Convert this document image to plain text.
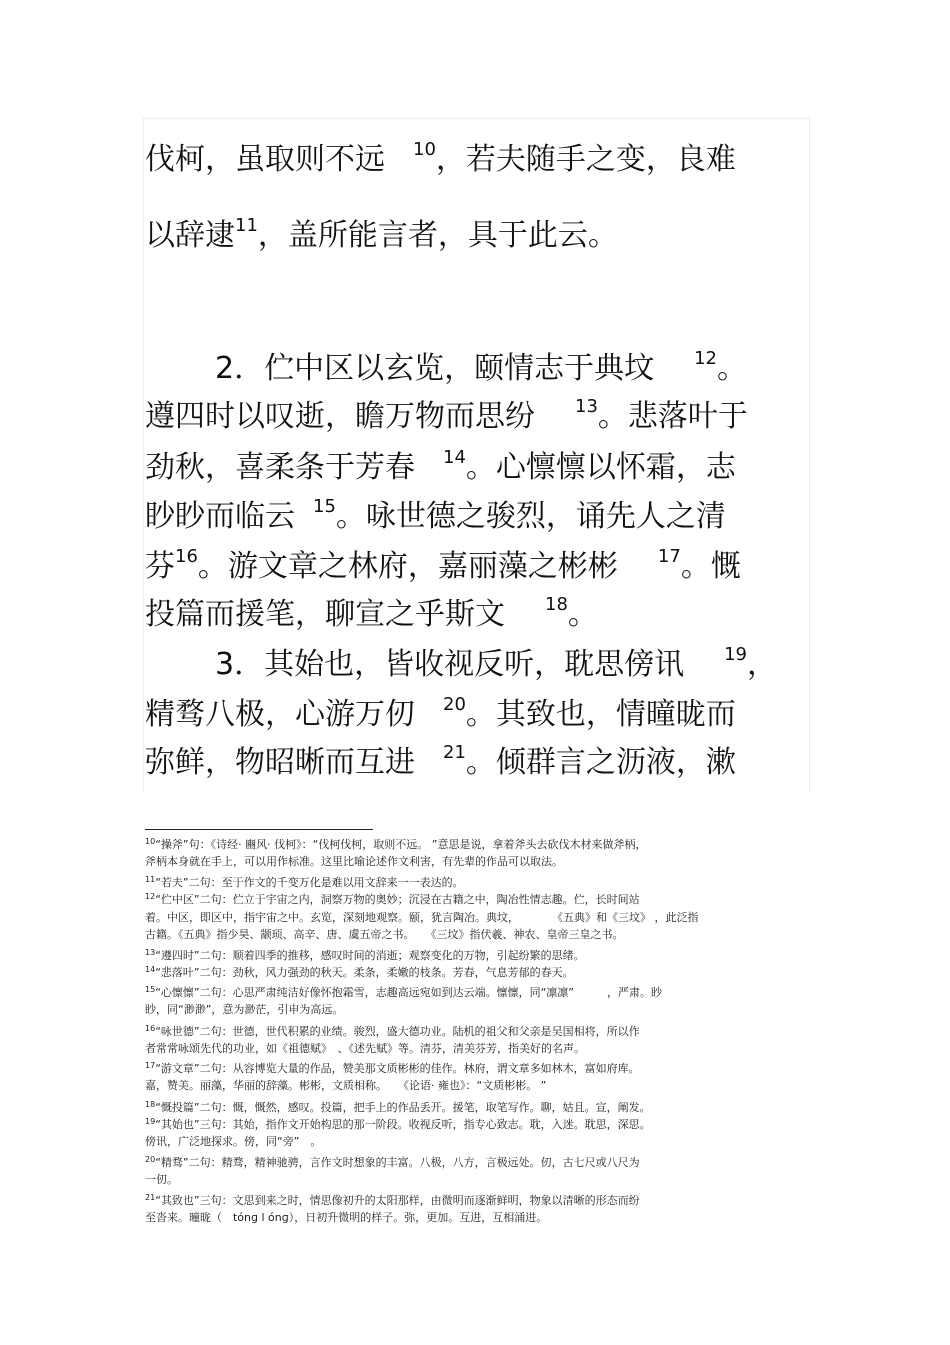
伐柯，虽取则不远 $^{10}$，若夫随手之变，良难
以辞逮$^{11}$，盖所能言者，具于此云。
　2．伫中区以玄览，颐情志于典坟 $^{12}$。
遵四时以叹逝，瞻万物而思纷 $^{13}$。悲落叶于
劲秋，喜柔条于芳春 $^{14}$。心懔懔以怀霜，志
眇眇而临云 $^{15}$。咏世德之骏烈，诵先人之清
芬$^{16}$。游文章之林府，嘉丽藻之彬彬 $^{17}$。慨
投篇而援笔，聊宣之乎斯文 $^{18}$。
　3．其始也，皆收视反听，耽思傍讯 $^{19}$，
精骛八极，心游万仞 $^{20}$。其致也，情曈昽而
弥鲜，物昭晰而互进 $^{21}$。倾群言之沥液，漱
$^{10}$“操斧”句：《诗经· 豳风· 伐柯》：“伐柯伐柯，取则不远。 ”意思是说，拿着斧头去砍伐木材来做斧柄，
斧柄本身就在手上，可以用作标准。这里比喻论述作文利害，有先辈的作品可以取法。
$^{11}$“若夫”二句：至于作文的千变万化是难以用文辞来一一表达的。
$^{12}$“伫中区”二句：伫立于宇宙之内，洞察万物的奥妙；沉浸在古籍之中，陶冶性情志趣。伫，长时间站
着。中区，即区中，指宇宙之中。玄览，深刻地观察。颐，犹言陶冶。典坟，　　　　《五典》和《三坟》 ，此泛指
古籍。《五典》指少昊、颛顼、高辛、唐、虞五帝之书。　　《三坟》指伏羲、神农、皇帝三皇之书。
$^{13}$“遵四时”二句：顺着四季的推移，感叹时间的消逝；观察变化的万物，引起纷繁的思绪。
$^{14}$“悲落叶”二句：劲秋，风力强劲的秋天。柔条，柔嫩的枝条。芳春，气息芳郁的春天。
$^{15}$“心懔懔”二句：心思严肃纯洁好像怀抱霜雪，志趣高远宛如到达云端。懔懔，同“凛凛”　　　，严肃。眇
眇，同“渺渺”，意为渺茫，引申为高远。
$^{16}$“咏世德”二句：世德，世代积累的业绩。骏烈，盛大德功业。陆机的祖父和父亲是吴国相将，所以作
者常常咏颂先代的功业，如《祖德赋》　、《述先赋》等。清芬，清美芬芳，指美好的名声。
$^{17}$“游文章”二句：从容博览大量的作品，赞美那文质彬彬的佳作。林府，谓文章多如林木，富如府库。
嘉，赞美。丽藻，华丽的辞藻。彬彬，文质相称。　　《论语· 雍也》：“文质彬彬。 ”
$^{18}$“慨投篇”二句：慨，慨然，感叹。投篇，把手上的作品丢开。援笔，取笔写作。聊，姑且。宣，阐发。
$^{19}$“其始也”三句：其始，指作文开始构思的那一阶段。收视反听，指专心致志。耽，入迷。耽思，深思。
傍讯，广泛地探求。傍，同“旁”　。
$^{20}$“精骛”二句：精骛，精神驰骋，言作文时想象的丰富。八极，八方，言极远处。仞，古七尺或八尺为
一仞。
$^{21}$“其致也”三句：文思到来之时，情思像初升的太阳那样，由微明而逐渐鲜明，物象以清晰的形态而纷
至沓来。曈昽（　tónɡ l ónɡ），日初升微明的样子。弥，更加。互进，互相涌进。
